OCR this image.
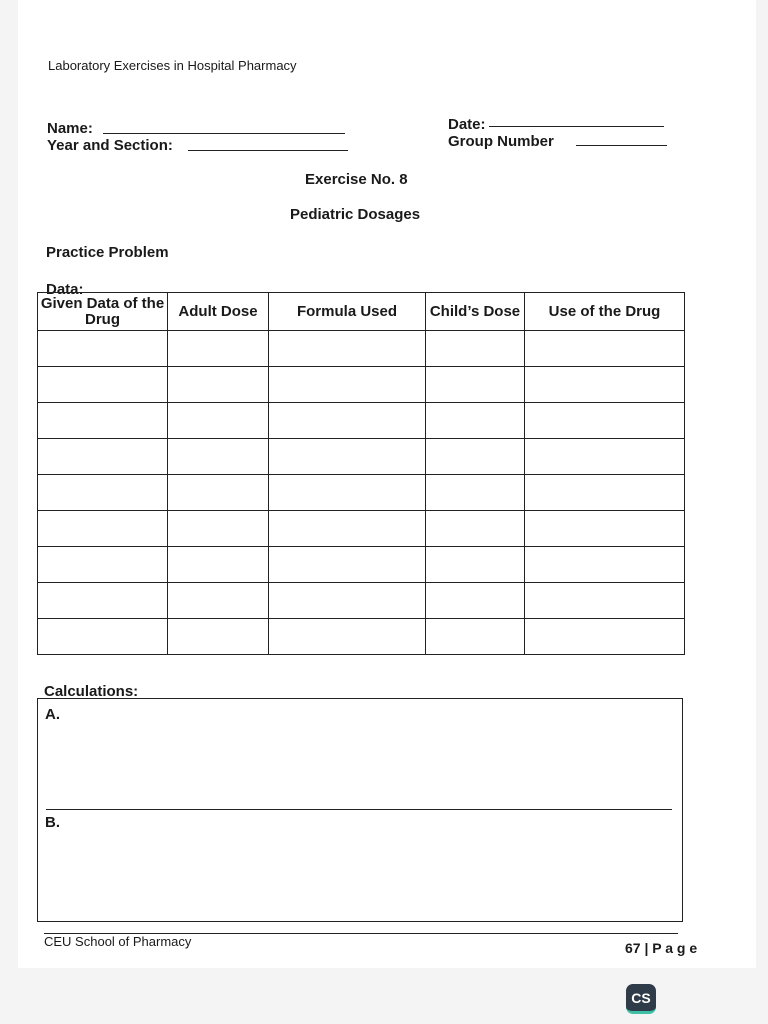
Laboratory Exercises in Hospital Pharmacy
Name:
Year and Section:
Date:
Group Number
Exercise No. 8
Pediatric Dosages
Practice Problem
Data:
Given Data of the Drug	Adult Dose	Formula Used	Child’s Dose	Use of the Drug

Calculations:
A.
B.
CEU School of Pharmacy	67 | P a g e
CS
